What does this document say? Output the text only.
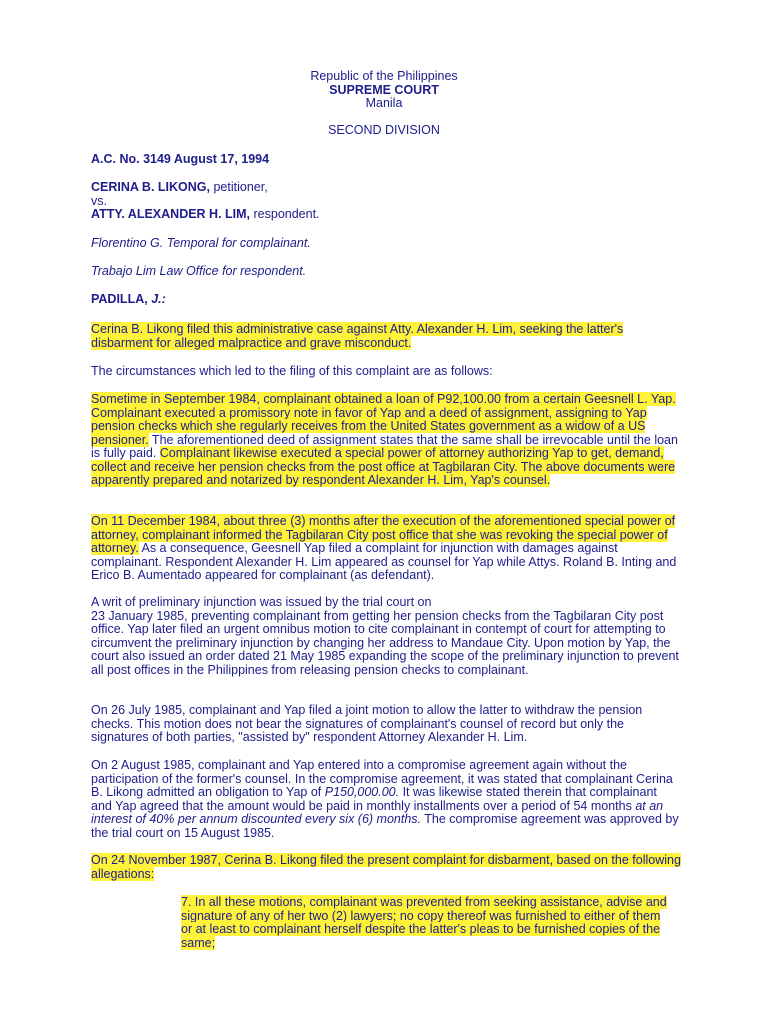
Republic of the Philippines
SUPREME COURT
Manila
SECOND DIVISION
A.C. No. 3149 August 17, 1994
CERINA B. LIKONG, petitioner,
vs.
ATTY. ALEXANDER H. LIM, respondent.
Florentino G. Temporal for complainant.
Trabajo Lim Law Office for respondent.
PADILLA, J.:
Cerina B. Likong filed this administrative case against Atty. Alexander H. Lim, seeking the latter's disbarment for alleged malpractice and grave misconduct.
The circumstances which led to the filing of this complaint are as follows:
Sometime in September 1984, complainant obtained a loan of P92,100.00 from a certain Geesnell L. Yap. Complainant executed a promissory note in favor of Yap and a deed of assignment, assigning to Yap pension checks which she regularly receives from the United States government as a widow of a US pensioner. The aforementioned deed of assignment states that the same shall be irrevocable until the loan is fully paid. Complainant likewise executed a special power of attorney authorizing Yap to get, demand, collect and receive her pension checks from the post office at Tagbilaran City. The above documents were apparently prepared and notarized by respondent Alexander H. Lim, Yap's counsel.
On 11 December 1984, about three (3) months after the execution of the aforementioned special power of attorney, complainant informed the Tagbilaran City post office that she was revoking the special power of attorney. As a consequence, Geesnell Yap filed a complaint for injunction with damages against complainant. Respondent Alexander H. Lim appeared as counsel for Yap while Attys. Roland B. Inting and Erico B. Aumentado appeared for complainant (as defendant).
A writ of preliminary injunction was issued by the trial court on
23 January 1985, preventing complainant from getting her pension checks from the Tagbilaran City post office. Yap later filed an urgent omnibus motion to cite complainant in contempt of court for attempting to circumvent the preliminary injunction by changing her address to Mandaue City. Upon motion by Yap, the court also issued an order dated 21 May 1985 expanding the scope of the preliminary injunction to prevent all post offices in the Philippines from releasing pension checks to complainant.
On 26 July 1985, complainant and Yap filed a joint motion to allow the latter to withdraw the pension checks. This motion does not bear the signatures of complainant's counsel of record but only the signatures of both parties, "assisted by" respondent Attorney Alexander H. Lim.
On 2 August 1985, complainant and Yap entered into a compromise agreement again without the participation of the former's counsel. In the compromise agreement, it was stated that complainant Cerina B. Likong admitted an obligation to Yap of P150,000.00. It was likewise stated therein that complainant and Yap agreed that the amount would be paid in monthly installments over a period of 54 months at an interest of 40% per annum discounted every six (6) months. The compromise agreement was approved by the trial court on 15 August 1985.
On 24 November 1987, Cerina B. Likong filed the present complaint for disbarment, based on the following allegations:
7. In all these motions, complainant was prevented from seeking assistance, advise and signature of any of her two (2) lawyers; no copy thereof was furnished to either of them or at least to complainant herself despite the latter's pleas to be furnished copies of the same;
